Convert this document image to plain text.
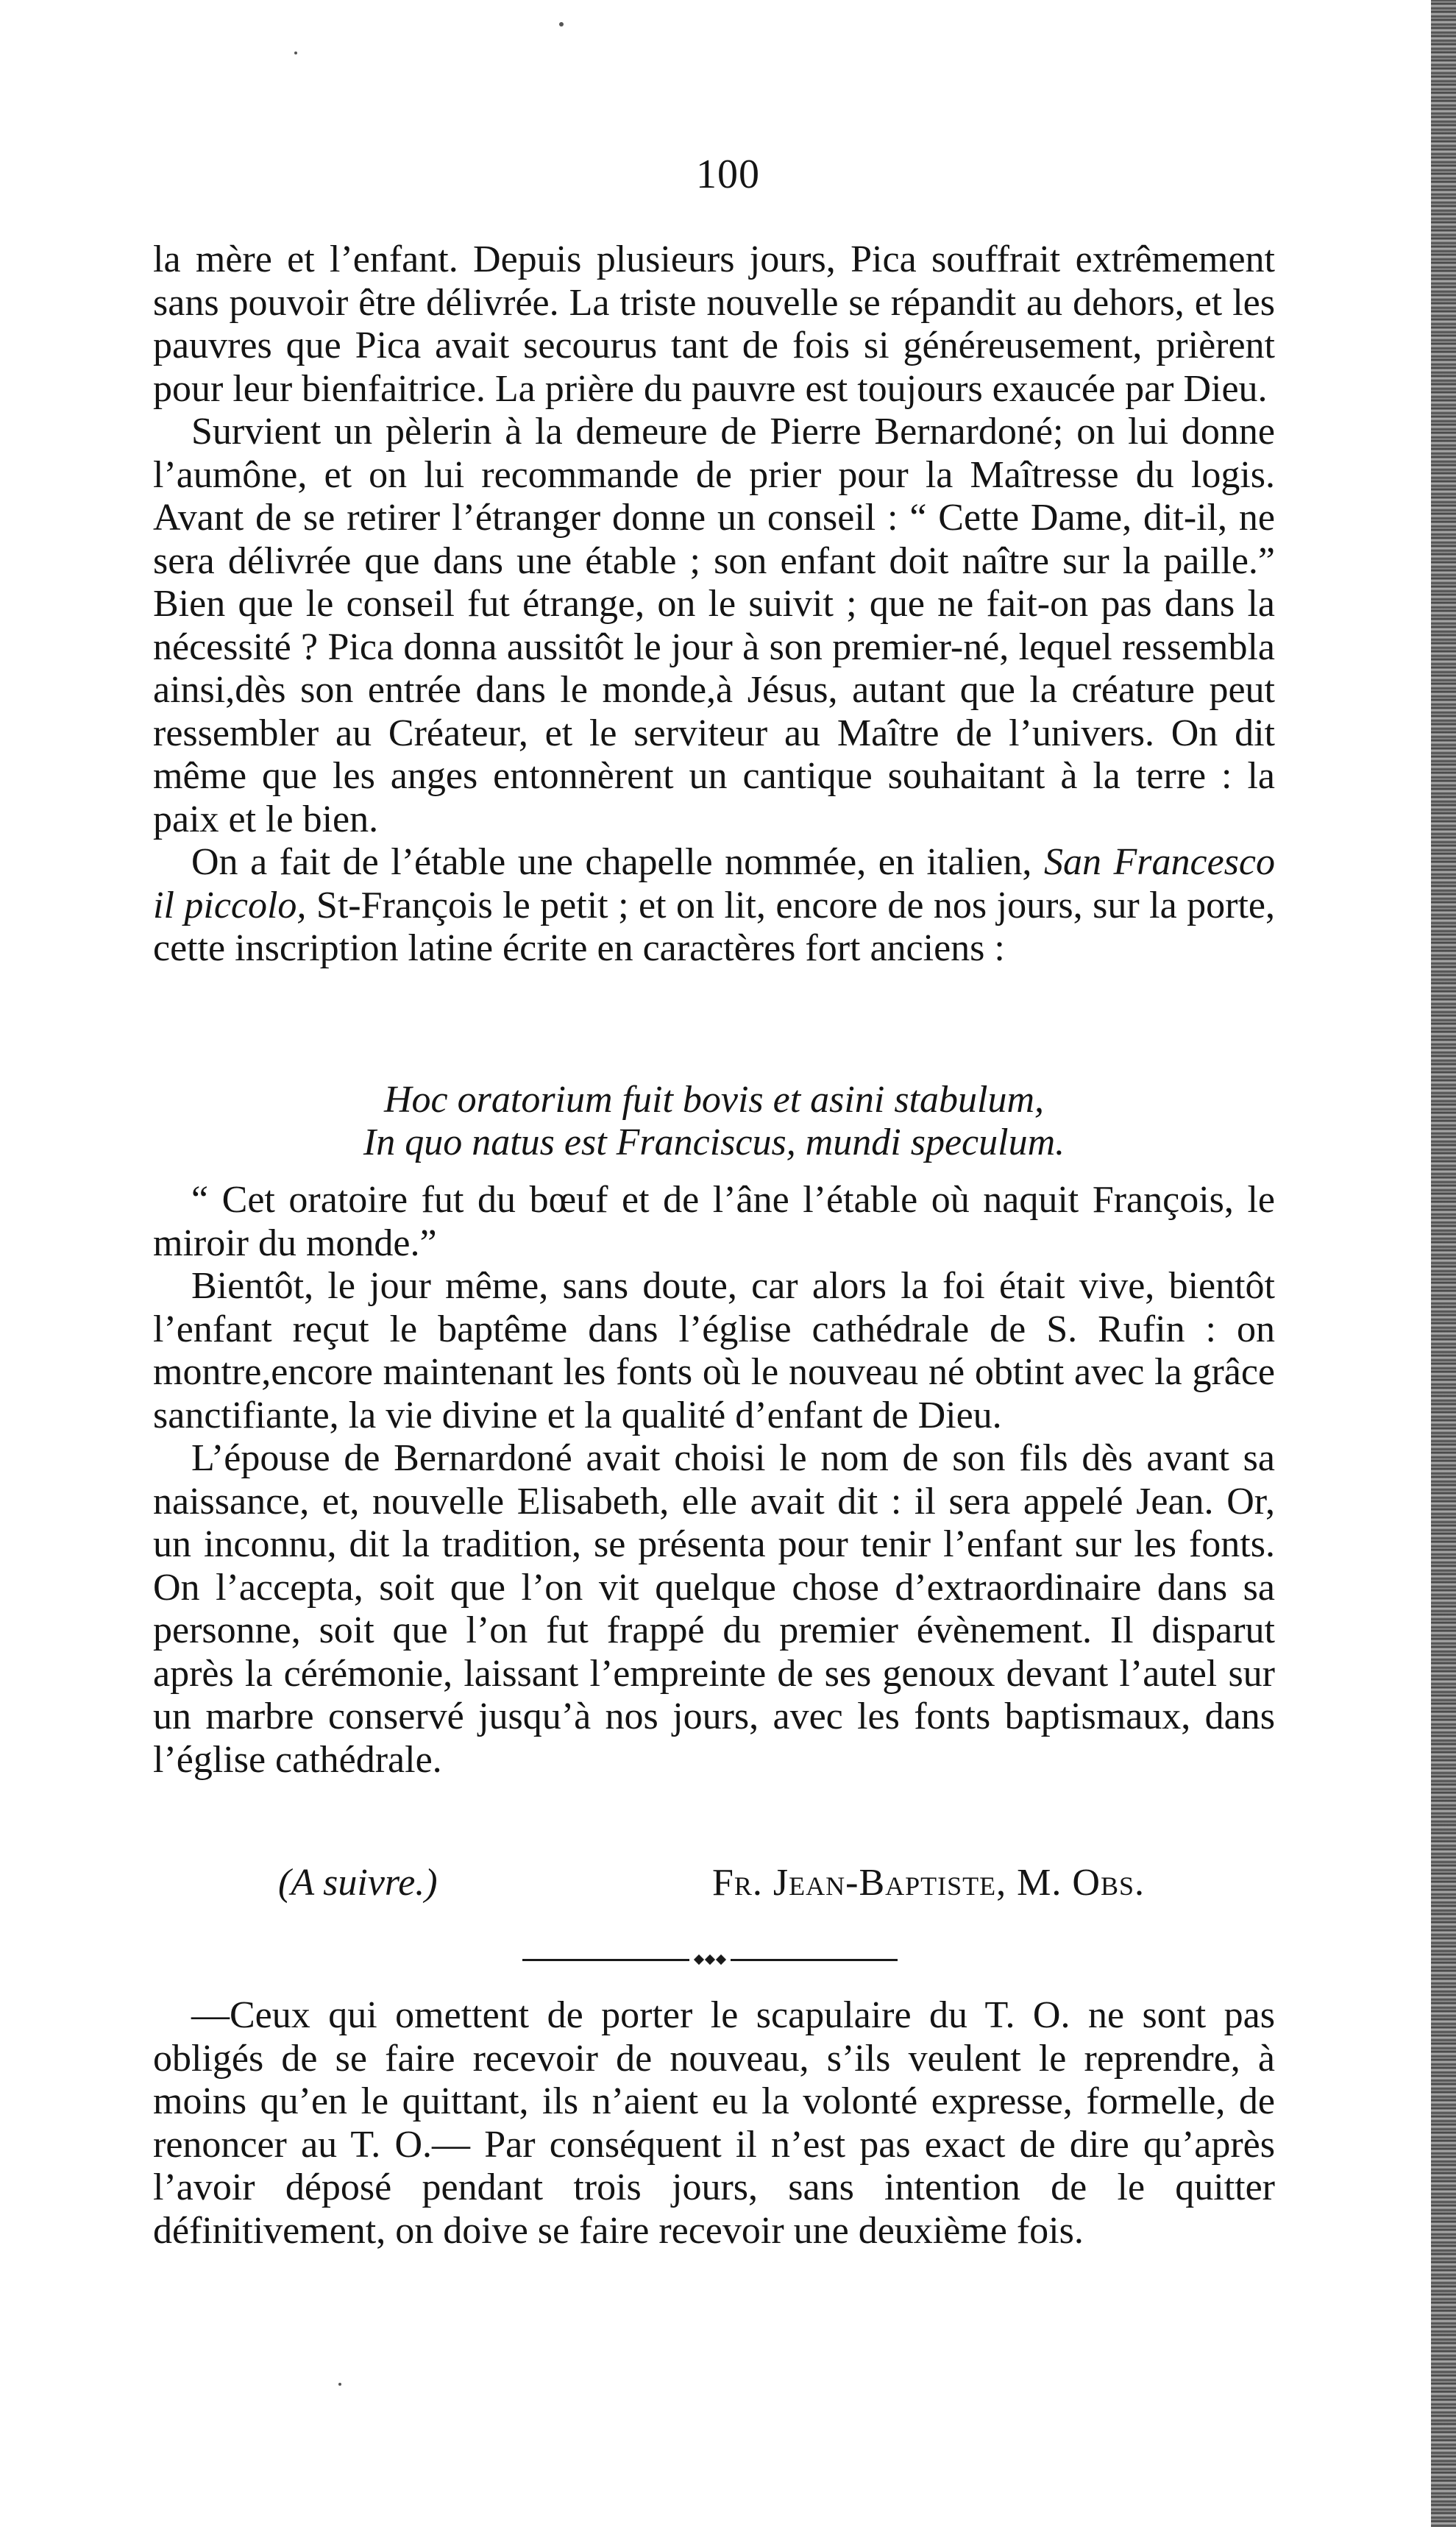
100

la mère et l’enfant. Depuis plusieurs jours, Pica souffrait extrêmement sans pouvoir être délivrée. La triste nouvelle se répandit au dehors, et les pauvres que Pica avait secourus tant de fois si généreusement, prièrent pour leur bienfaitrice. La prière du pauvre est toujours exaucée par Dieu.

Survient un pèlerin à la demeure de Pierre Bernardoné; on lui donne l’aumône, et on lui recommande de prier pour la Maîtresse du logis. Avant de se retirer l’étranger donne un conseil : “ Cette Dame, dit-il, ne sera délivrée que dans une étable ; son enfant doit naître sur la paille.” Bien que le conseil fut étrange, on le suivit ; que ne fait-on pas dans la nécessité ? Pica donna aussitôt le jour à son premier-né, lequel ressembla ainsi,dès son entrée dans le monde,à Jésus, autant que la créature peut ressembler au Créateur, et le serviteur au Maître de l’univers. On dit même que les anges entonnèrent un cantique souhaitant à la terre : la paix et le bien.

On a fait de l’étable une chapelle nommée, en italien, San Francesco il piccolo, St-François le petit ; et on lit, encore de nos jours, sur la porte, cette inscription latine écrite en caractères fort anciens :

Hoc oratorium fuit bovis et asini stabulum,
In quo natus est Franciscus, mundi speculum.

“ Cet oratoire fut du bœuf et de l’âne l’étable où naquit François, le miroir du monde.”

Bientôt, le jour même, sans doute, car alors la foi était vive, bientôt l’enfant reçut le baptême dans l’église cathédrale de S. Rufin : on montre,encore maintenant les fonts où le nouveau né obtint avec la grâce sanctifiante, la vie divine et la qualité d’enfant de Dieu.

L’épouse de Bernardoné avait choisi le nom de son fils dès avant sa naissance, et, nouvelle Elisabeth, elle avait dit : il sera appelé Jean. Or, un inconnu, dit la tradition, se présenta pour tenir l’enfant sur les fonts. On l’accepta, soit que l’on vit quelque chose d’extraordinaire dans sa personne, soit que l’on fut frappé du premier évènement. Il disparut après la cérémonie, laissant l’empreinte de ses genoux devant l’autel sur un marbre conservé jusqu’à nos jours, avec les fonts baptismaux, dans l’église cathédrale.

(A suivre.)	Fr. Jean-Baptiste, M. Obs.

—Ceux qui omettent de porter le scapulaire du T. O. ne sont pas obligés de se faire recevoir de nouveau, s’ils veulent le reprendre, à moins qu’en le quittant, ils n’aient eu la volonté expresse, formelle, de renoncer au T. O.— Par conséquent il n’est pas exact de dire qu’après l’avoir déposé pendant trois jours, sans intention de le quitter définitivement, on doive se faire recevoir une deuxième fois.
